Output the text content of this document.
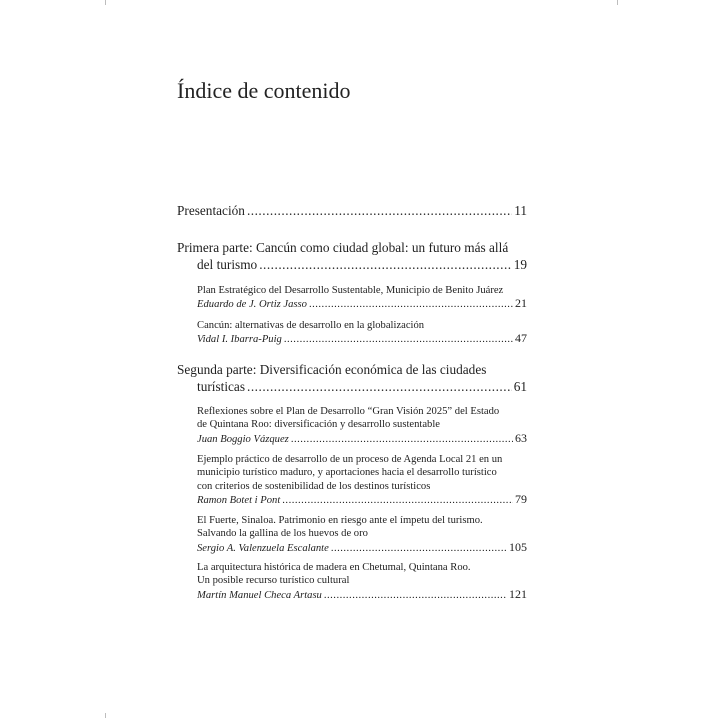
Índice de contenido
Presentación .....	11
Primera parte: Cancún como ciudad global: un futuro más allá
del turismo .....	19
Plan Estratégico del Desarrollo Sustentable, Municipio de Benito Juárez
Eduardo de J. Ortiz Jasso .....	21
Cancún: alternativas de desarrollo en la globalización
Vidal I. Ibarra-Puig .....	47
Segunda parte: Diversificación económica de las ciudades
turísticas .....	61
Reflexiones sobre el Plan de Desarrollo “Gran Visión 2025” del Estado
de Quintana Roo: diversificación y desarrollo sustentable
Juan Boggio Vázquez .....	63
Ejemplo práctico de desarrollo de un proceso de Agenda Local 21 en un
municipio turístico maduro, y aportaciones hacia el desarrollo turístico
con criterios de sostenibilidad de los destinos turísticos
Ramon Botet i Pont .....	79
El Fuerte, Sinaloa. Patrimonio en riesgo ante el ímpetu del turismo.
Salvando la gallina de los huevos de oro
Sergio A. Valenzuela Escalante .....	105
La arquitectura histórica de madera en Chetumal, Quintana Roo.
Un posible recurso turístico cultural
Martín Manuel Checa Artasu .....	121
